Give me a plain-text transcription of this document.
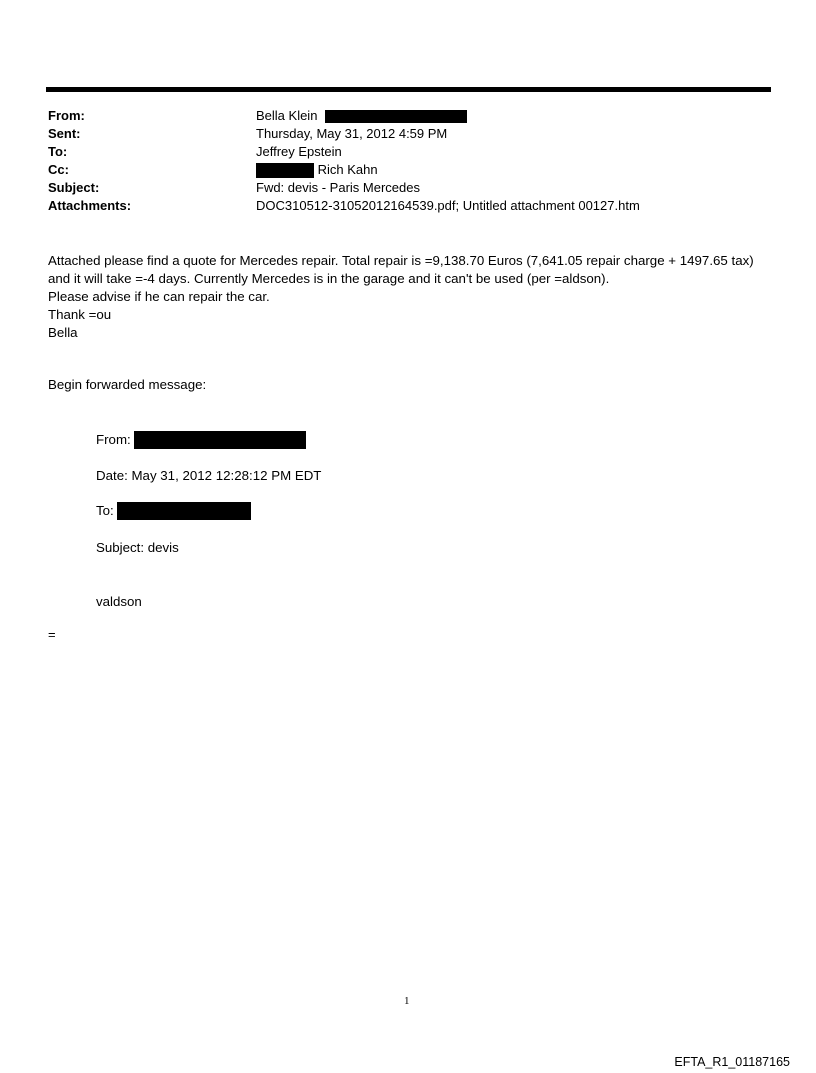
From:	Bella Klein
Sent:	Thursday, May 31, 2012 4:59 PM
To:	Jeffrey Epstein
Cc:	Rich Kahn
Subject:	Fwd: devis - Paris Mercedes
Attachments:	DOC310512-31052012164539.pdf; Untitled attachment 00127.htm

Attached please find a quote for Mercedes repair. Total repair is =9,138.70 Euros (7,641.05 repair charge + 1497.65 tax) and it will take =-4 days. Currently Mercedes is in the garage and it can't be used (per =aldson).

Please advise if he can repair the car.

Thank =ou

Bella

Begin forwarded message:
From:
Date: May 31, 2012 12:28:12 PM EDT
To:
Subject: devis
valdson
=
1
EFTA_R1_01187165
